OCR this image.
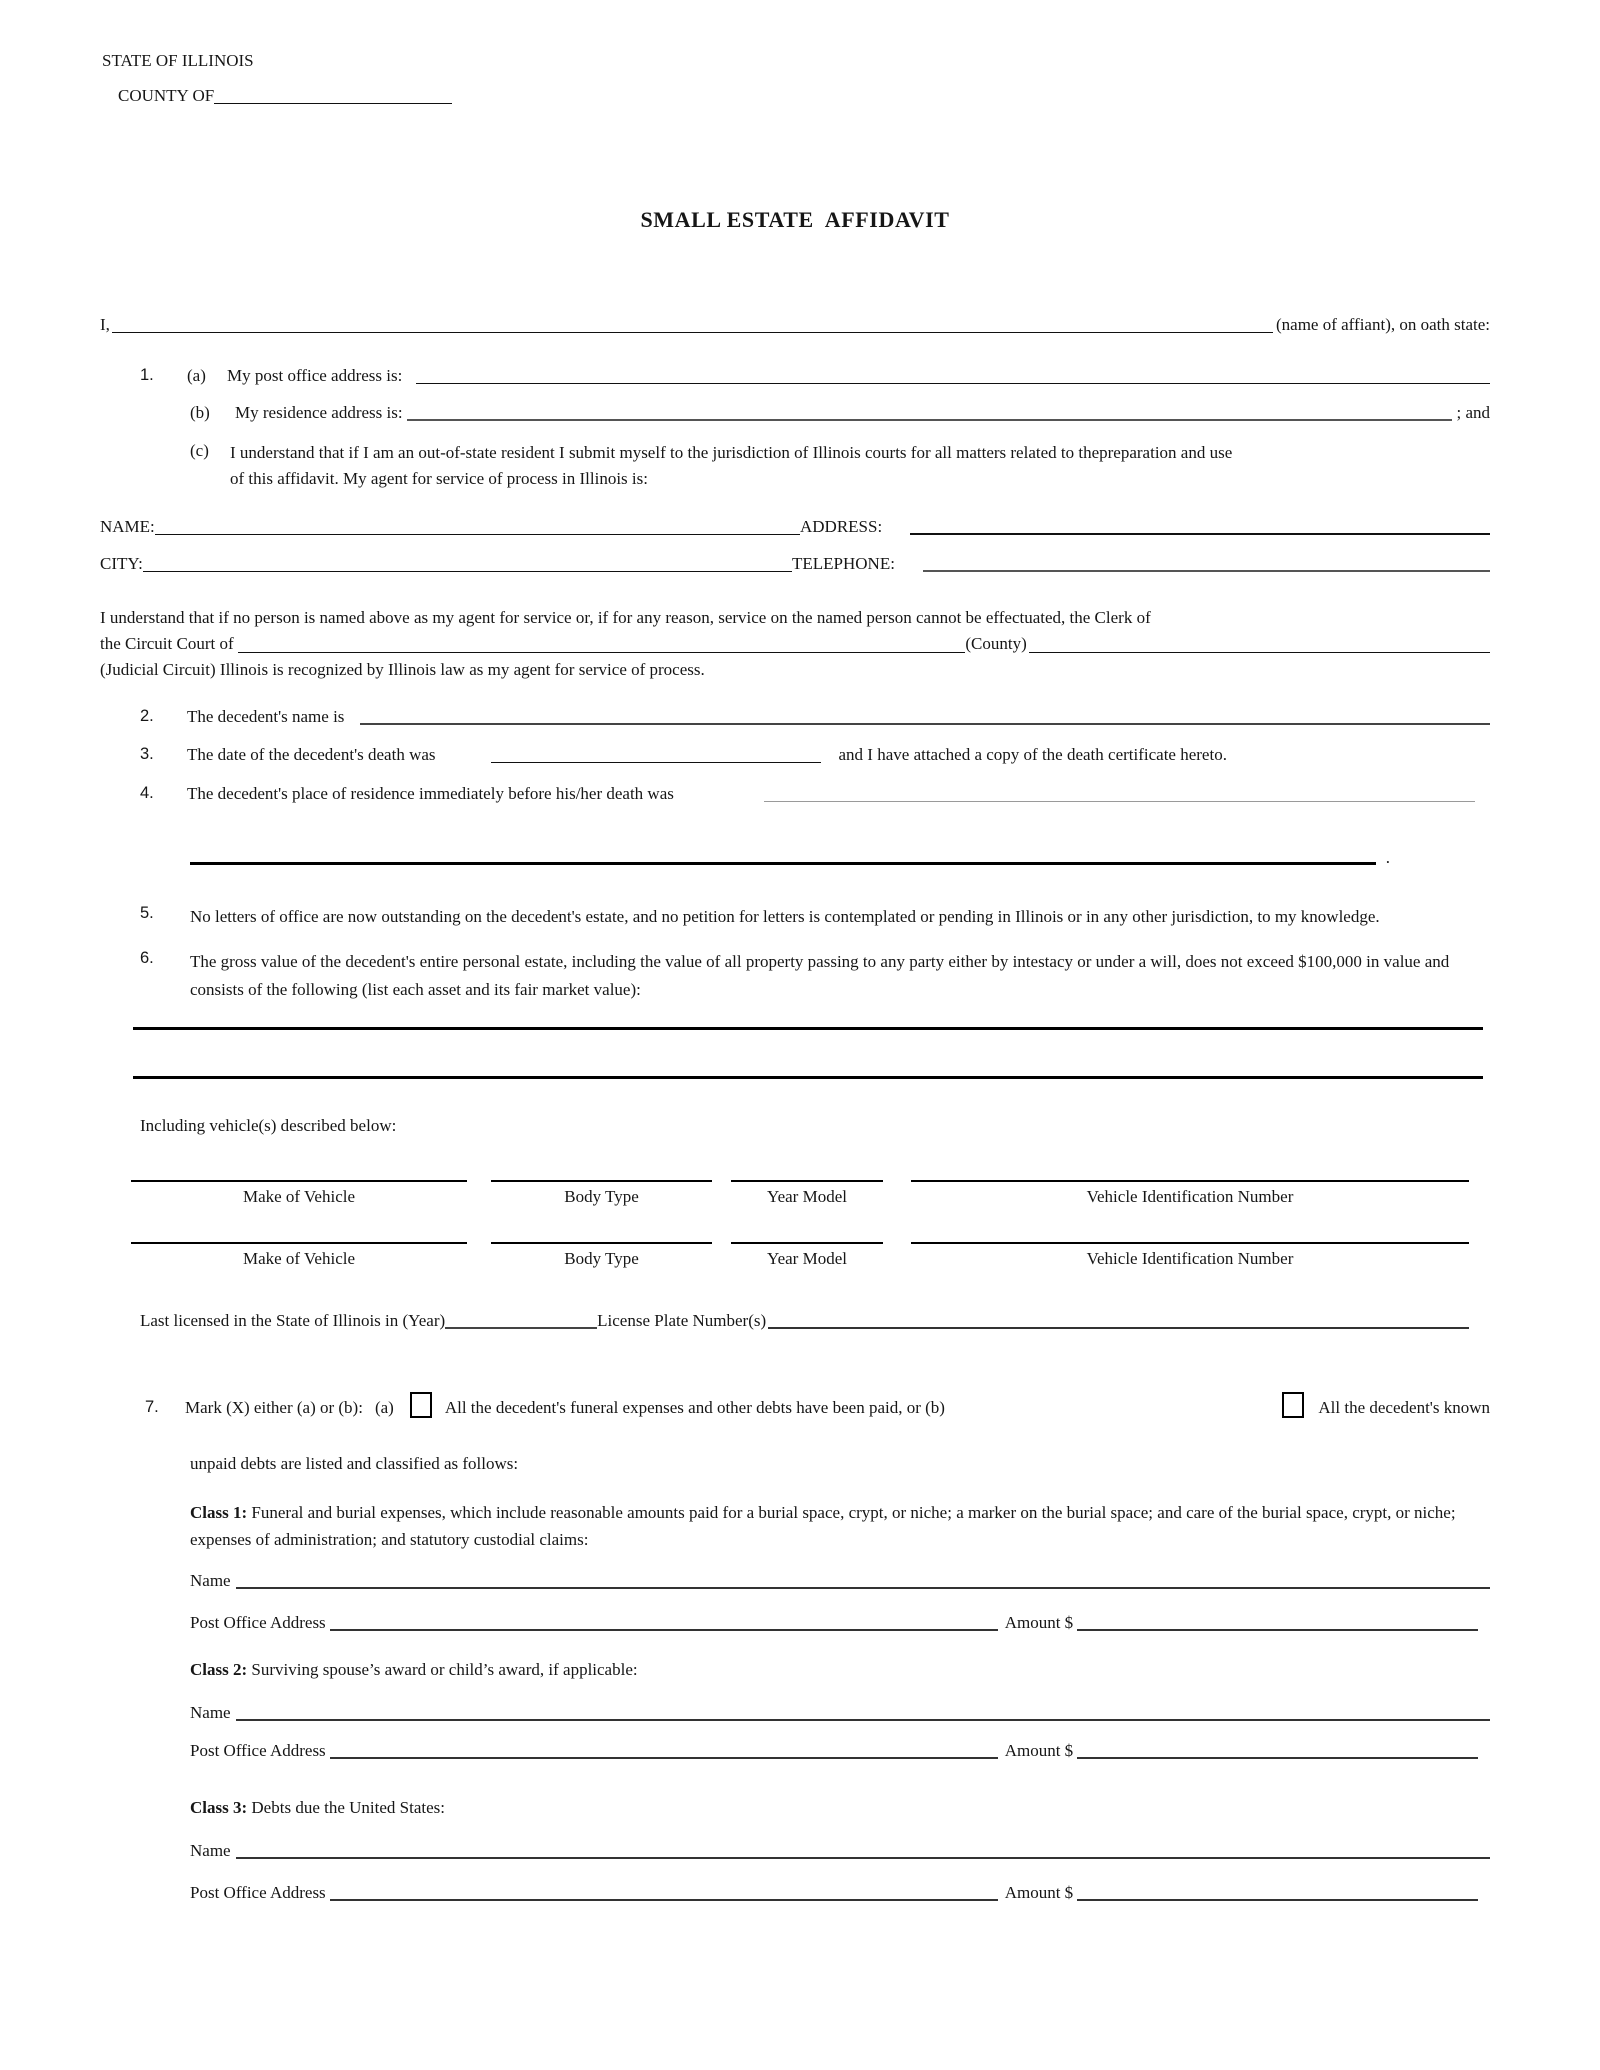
STATE OF ILLINOIS
COUNTY OF
SMALL ESTATE  AFFIDAVIT
I,	(name of affiant), on oath state:
1.	(a)	My post office address is:
(b)	My residence address is:	; and
(c)	I understand that if I am an out-of-state resident I submit myself to the jurisdiction of Illinois courts for all matters related to thepreparation and use
of this affidavit. My agent for service of process in Illinois is:
NAME:	ADDRESS:
CITY:	TELEPHONE:
I understand that if no person is named above as my agent for service or, if for any reason, service on the named person cannot be effectuated, the Clerk of
the Circuit Court of	(County)
(Judicial Circuit) Illinois is recognized by Illinois law as my agent for service of process.
2.	The decedent's name is
3.	The date of the decedent's death was	and I have attached a copy of the death certificate hereto.
4.	The decedent's place of residence immediately before his/her death was
.
5.	No letters of office are now outstanding on the decedent's estate, and no petition for letters is contemplated or pending in Illinois or in any other jurisdiction, to my knowledge.
6.	The gross value of the decedent's entire personal estate, including the value of all property passing to any party either by intestacy or under a will, does not exceed $100,000 in value and consists of the following (list each asset and its fair market value):
Including vehicle(s) described below:
Make of Vehicle	Body Type	Year Model	Vehicle Identification Number
Make of Vehicle	Body Type	Year Model	Vehicle Identification Number
Last licensed in the State of Illinois in (Year)	License Plate Number(s)
7.	Mark (X) either (a) or (b): (a)	All the decedent's funeral expenses and other debts have been paid, or (b)	All the decedent's known
unpaid debts are listed and classified as follows:
Class 1: Funeral and burial expenses, which include reasonable amounts paid for a burial space, crypt, or niche; a marker on the burial space; and care of the burial space, crypt, or niche; expenses of administration; and statutory custodial claims:
Name
Post Office Address	Amount $
Class 2: Surviving spouse’s award or child’s award, if applicable:
Name
Post Office Address	Amount $
Class 3: Debts due the United States:
Name
Post Office Address	Amount $
